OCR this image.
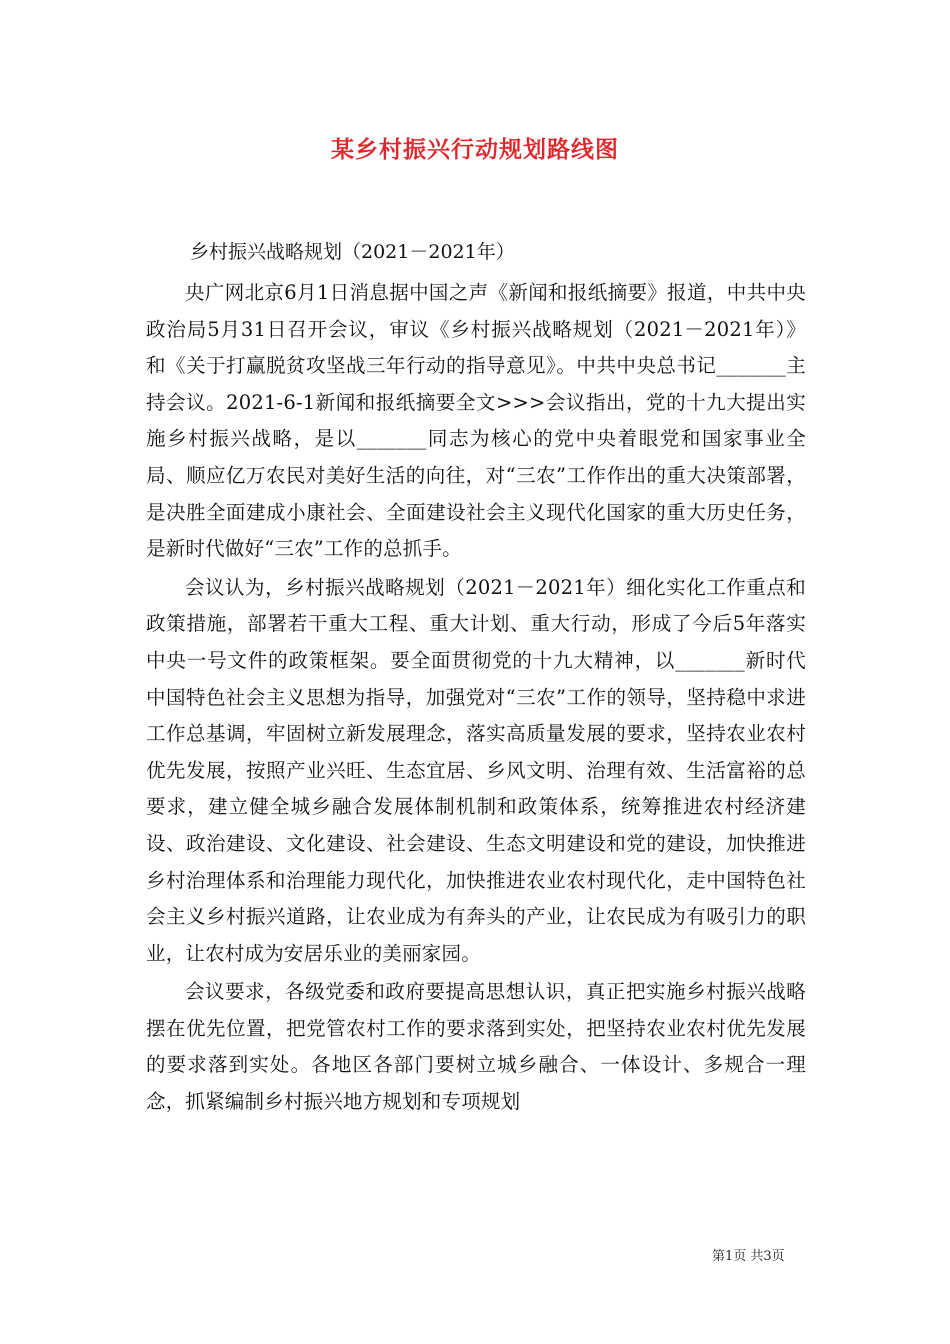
某乡村振兴行动规划路线图
乡村振兴战略规划（2021－2021年）

央广网北京6月1日消息据中国之声《新闻和报纸摘要》报道，中共中央政治局5月31日召开会议，审议《乡村振兴战略规划（2021－2021年）》和《关于打赢脱贫攻坚战三年行动的指导意见》。中共中央总书记_______主持会议。2021-6-1新闻和报纸摘要全文>>>会议指出，党的十九大提出实施乡村振兴战略，是以_______同志为核心的党中央着眼党和国家事业全局、顺应亿万农民对美好生活的向往，对“三农”工作作出的重大决策部署，是决胜全面建成小康社会、全面建设社会主义现代化国家的重大历史任务，是新时代做好“三农”工作的总抓手。

会议认为，乡村振兴战略规划（2021－2021年）细化实化工作重点和政策措施，部署若干重大工程、重大计划、重大行动，形成了今后5年落实中央一号文件的政策框架。要全面贯彻党的十九大精神，以_______新时代中国特色社会主义思想为指导，加强党对“三农”工作的领导，坚持稳中求进工作总基调，牢固树立新发展理念，落实高质量发展的要求，坚持农业农村优先发展，按照产业兴旺、生态宜居、乡风文明、治理有效、生活富裕的总要求，建立健全城乡融合发展体制机制和政策体系，统筹推进农村经济建设、政治建设、文化建设、社会建设、生态文明建设和党的建设，加快推进乡村治理体系和治理能力现代化，加快推进农业农村现代化，走中国特色社会主义乡村振兴道路，让农业成为有奔头的产业，让农民成为有吸引力的职业，让农村成为安居乐业的美丽家园。

会议要求，各级党委和政府要提高思想认识，真正把实施乡村振兴战略摆在优先位置，把党管农村工作的要求落到实处，把坚持农业农村优先发展的要求落到实处。各地区各部门要树立城乡融合、一体设计、多规合一理念，抓紧编制乡村振兴地方规划和专项规划

第1页 共3页
